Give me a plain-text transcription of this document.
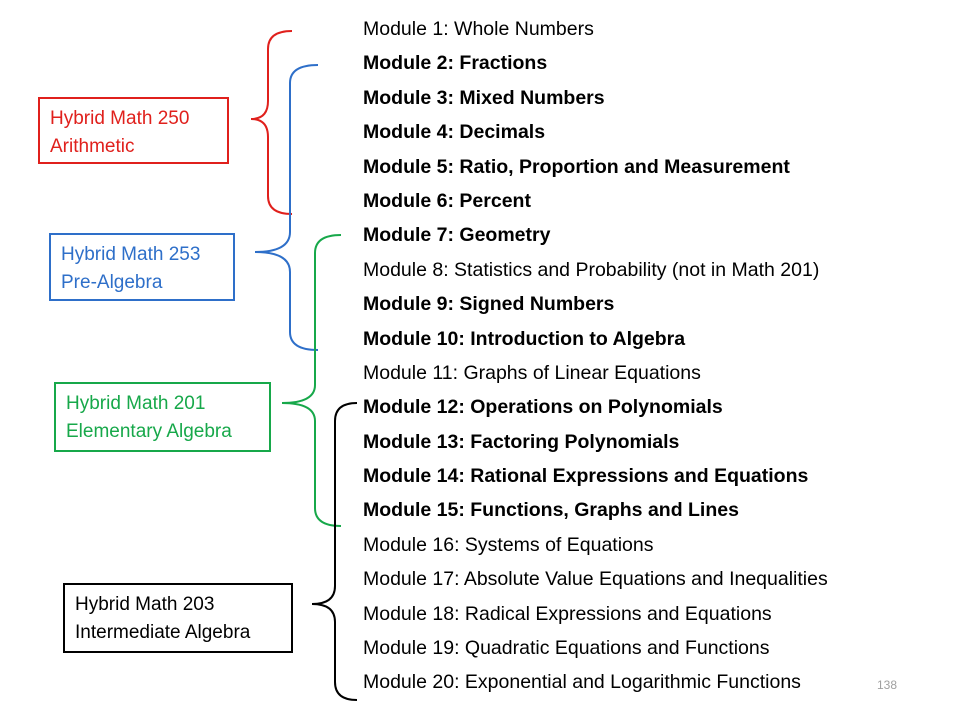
Hybrid Math 250
Arithmetic
Hybrid Math 253
Pre-Algebra
Hybrid Math 201
Elementary Algebra
Hybrid Math 203
Intermediate Algebra
Module 1: Whole Numbers
Module 2: Fractions
Module 3: Mixed Numbers
Module 4: Decimals
Module 5: Ratio, Proportion and Measurement
Module 6: Percent
Module 7: Geometry
Module 8: Statistics and Probability (not in Math 201)
Module 9: Signed Numbers
Module 10: Introduction to Algebra
Module 11: Graphs of Linear Equations
Module 12: Operations on Polynomials
Module 13: Factoring Polynomials
Module 14: Rational Expressions and Equations
Module 15: Functions, Graphs and Lines
Module 16: Systems of Equations
Module 17: Absolute Value Equations and Inequalities
Module 18: Radical Expressions and Equations
Module 19: Quadratic Equations and Functions
Module 20: Exponential and Logarithmic Functions	138
